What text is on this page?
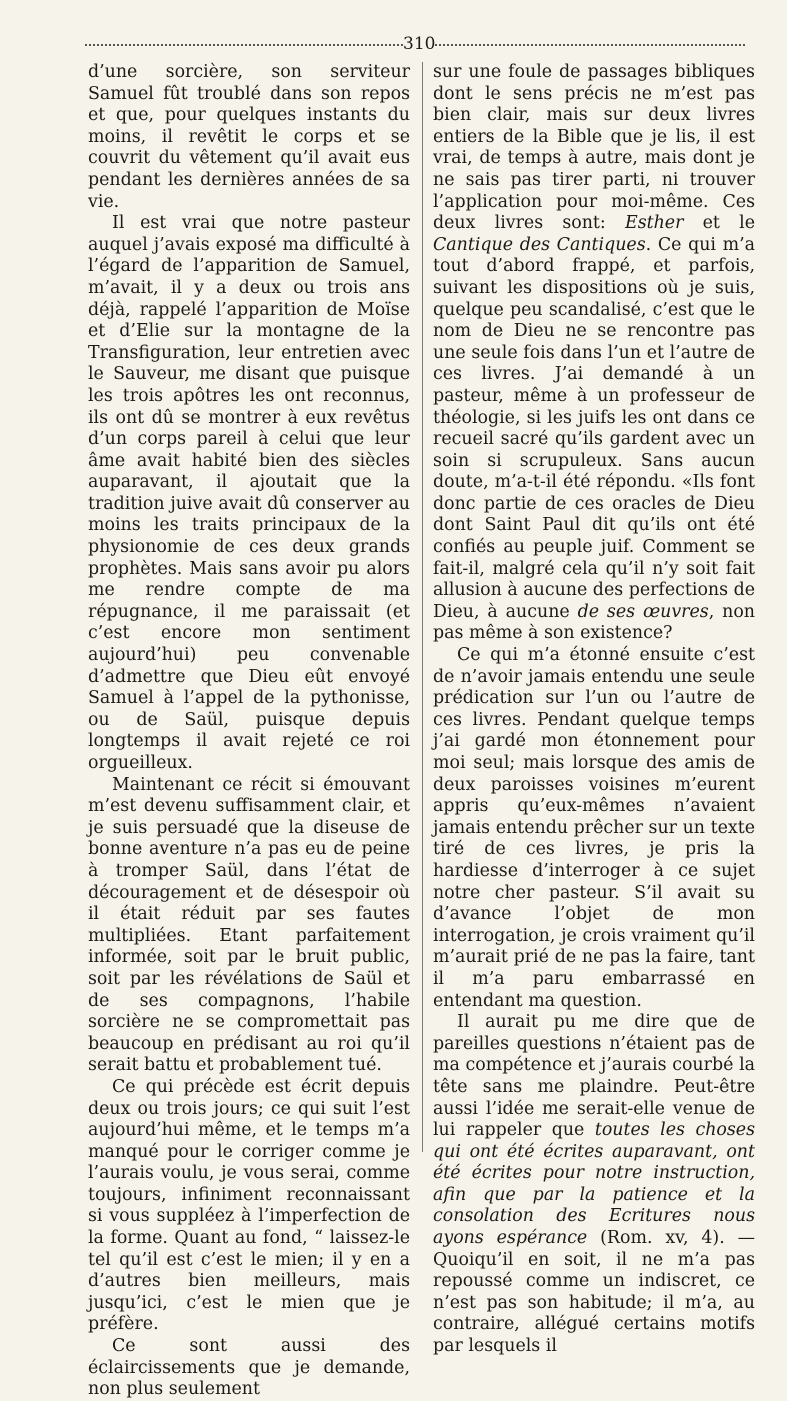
310

d’une sorcière, son serviteur Samuel fût troublé dans son repos et que, pour quelques instants du moins, il revêtit le corps et se couvrit du vêtement qu’il avait eus pendant les dernières années de sa vie.

Il est vrai que notre pasteur auquel j’avais exposé ma difficulté à l’égard de l’apparition de Samuel, m’avait, il y a deux ou trois ans déjà, rappelé l’apparition de Moïse et d’Elie sur la montagne de la Transfiguration, leur entretien avec le Sauveur, me disant que puisque les trois apôtres les ont reconnus, ils ont dû se montrer à eux revêtus d’un corps pareil à celui que leur âme avait habité bien des siècles auparavant, il ajoutait que la tradition juive avait dû conserver au moins les traits principaux de la physionomie de ces deux grands prophètes. Mais sans avoir pu alors me rendre compte de ma répugnance, il me paraissait (et c’est encore mon sentiment aujourd’hui) peu convenable d’admettre que Dieu eût envoyé Samuel à l’appel de la pythonisse, ou de Saül, puisque depuis longtemps il avait rejeté ce roi orgueilleux.

Maintenant ce récit si émouvant m’est devenu suffisamment clair, et je suis persuadé que la diseuse de bonne aventure n’a pas eu de peine à tromper Saül, dans l’état de découragement et de désespoir où il était réduit par ses fautes multipliées. Etant parfaitement informée, soit par le bruit public, soit par les révélations de Saül et de ses compagnons, l’habile sorcière ne se compromettait pas beaucoup en prédisant au roi qu’il serait battu et probablement tué.

Ce qui précède est écrit depuis deux ou trois jours; ce qui suit l’est aujourd’hui même, et le temps m’a manqué pour le corriger comme je l’aurais voulu, je vous serai, comme toujours, infiniment reconnaissant si vous suppléez à l’imperfection de la forme. Quant au fond, “ laissez-le tel qu’il est c’est le mien; il y en a d’autres bien meilleurs, mais jusqu’ici, c’est le mien que je préfère.

Ce sont aussi des éclaircissements que je demande, non plus seulement

sur une foule de passages bibliques dont le sens précis ne m’est pas bien clair, mais sur deux livres entiers de la Bible que je lis, il est vrai, de temps à autre, mais dont je ne sais pas tirer parti, ni trouver l’application pour moi-même. Ces deux livres sont: Esther et le Cantique des Cantiques. Ce qui m’a tout d’abord frappé, et parfois, suivant les dispositions où je suis, quelque peu scandalisé, c’est que le nom de Dieu ne se rencontre pas une seule fois dans l’un et l’autre de ces livres. J’ai demandé à un pasteur, même à un professeur de théologie, si les juifs les ont dans ce recueil sacré qu’ils gardent avec un soin si scrupuleux. Sans aucun doute, m’a-t-il été répondu. «Ils font donc partie de ces oracles de Dieu dont Saint Paul dit qu’ils ont été confiés au peuple juif. Comment se fait-il, malgré cela qu’il n’y soit fait allusion à aucune des perfections de Dieu, à aucune de ses œuvres, non pas même à son existence?

Ce qui m’a étonné ensuite c’est de n’avoir jamais entendu une seule prédication sur l’un ou l’autre de ces livres. Pendant quelque temps j’ai gardé mon étonnement pour moi seul; mais lorsque des amis de deux paroisses voisines m’eurent appris qu’eux-mêmes n’avaient jamais entendu prêcher sur un texte tiré de ces livres, je pris la hardiesse d’interroger à ce sujet notre cher pasteur. S’il avait su d’avance l’objet de mon interrogation, je crois vraiment qu’il m’aurait prié de ne pas la faire, tant il m’a paru embarrassé en entendant ma question.

Il aurait pu me dire que de pareilles questions n’étaient pas de ma compétence et j’aurais courbé la tête sans me plaindre. Peut-être aussi l’idée me serait-elle venue de lui rappeler que toutes les choses qui ont été écrites auparavant, ont été écrites pour notre instruction, afin que par la patience et la consolation des Ecritures nous ayons espérance (Rom. xv, 4). — Quoiqu’il en soit, il ne m’a pas repoussé comme un indiscret, ce n’est pas son habitude; il m’a, au contraire, allégué certains motifs par lesquels il
